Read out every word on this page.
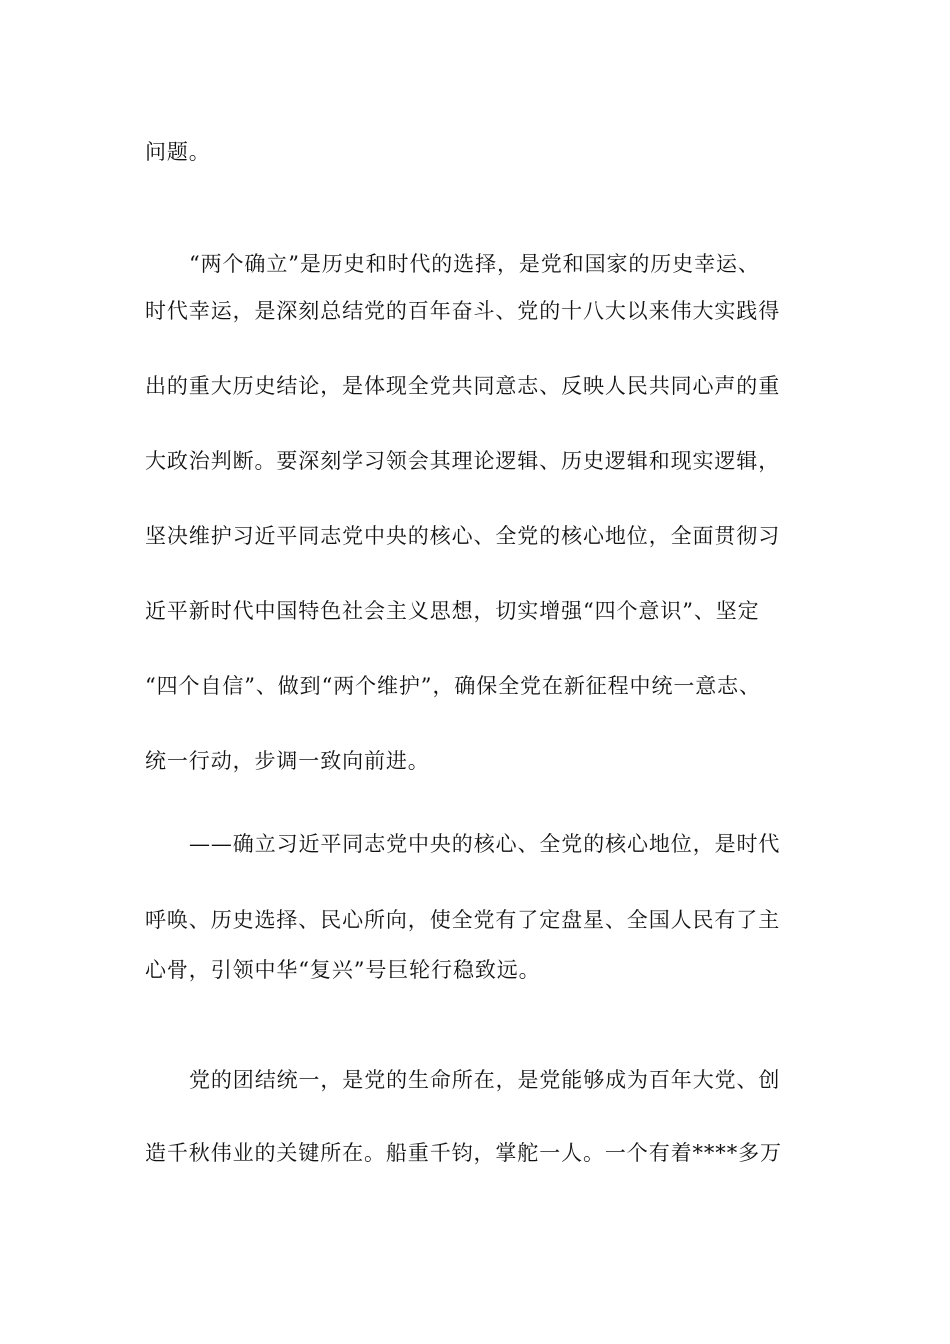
问题。
“两个确立”是历史和时代的选择，是党和国家的历史幸运、
时代幸运，是深刻总结党的百年奋斗、党的十八大以来伟大实践得
出的重大历史结论，是体现全党共同意志、反映人民共同心声的重
大政治判断。要深刻学习领会其理论逻辑、历史逻辑和现实逻辑，
坚决维护习近平同志党中央的核心、全党的核心地位，全面贯彻习
近平新时代中国特色社会主义思想，切实增强“四个意识”、坚定
“四个自信”、做到“两个维护”，确保全党在新征程中统一意志、
统一行动，步调一致向前进。
——确立习近平同志党中央的核心、全党的核心地位，是时代
呼唤、历史选择、民心所向，使全党有了定盘星、全国人民有了主
心骨，引领中华“复兴”号巨轮行稳致远。
党的团结统一，是党的生命所在，是党能够成为百年大党、创
造千秋伟业的关键所在。船重千钧，掌舵一人。一个有着****多万
